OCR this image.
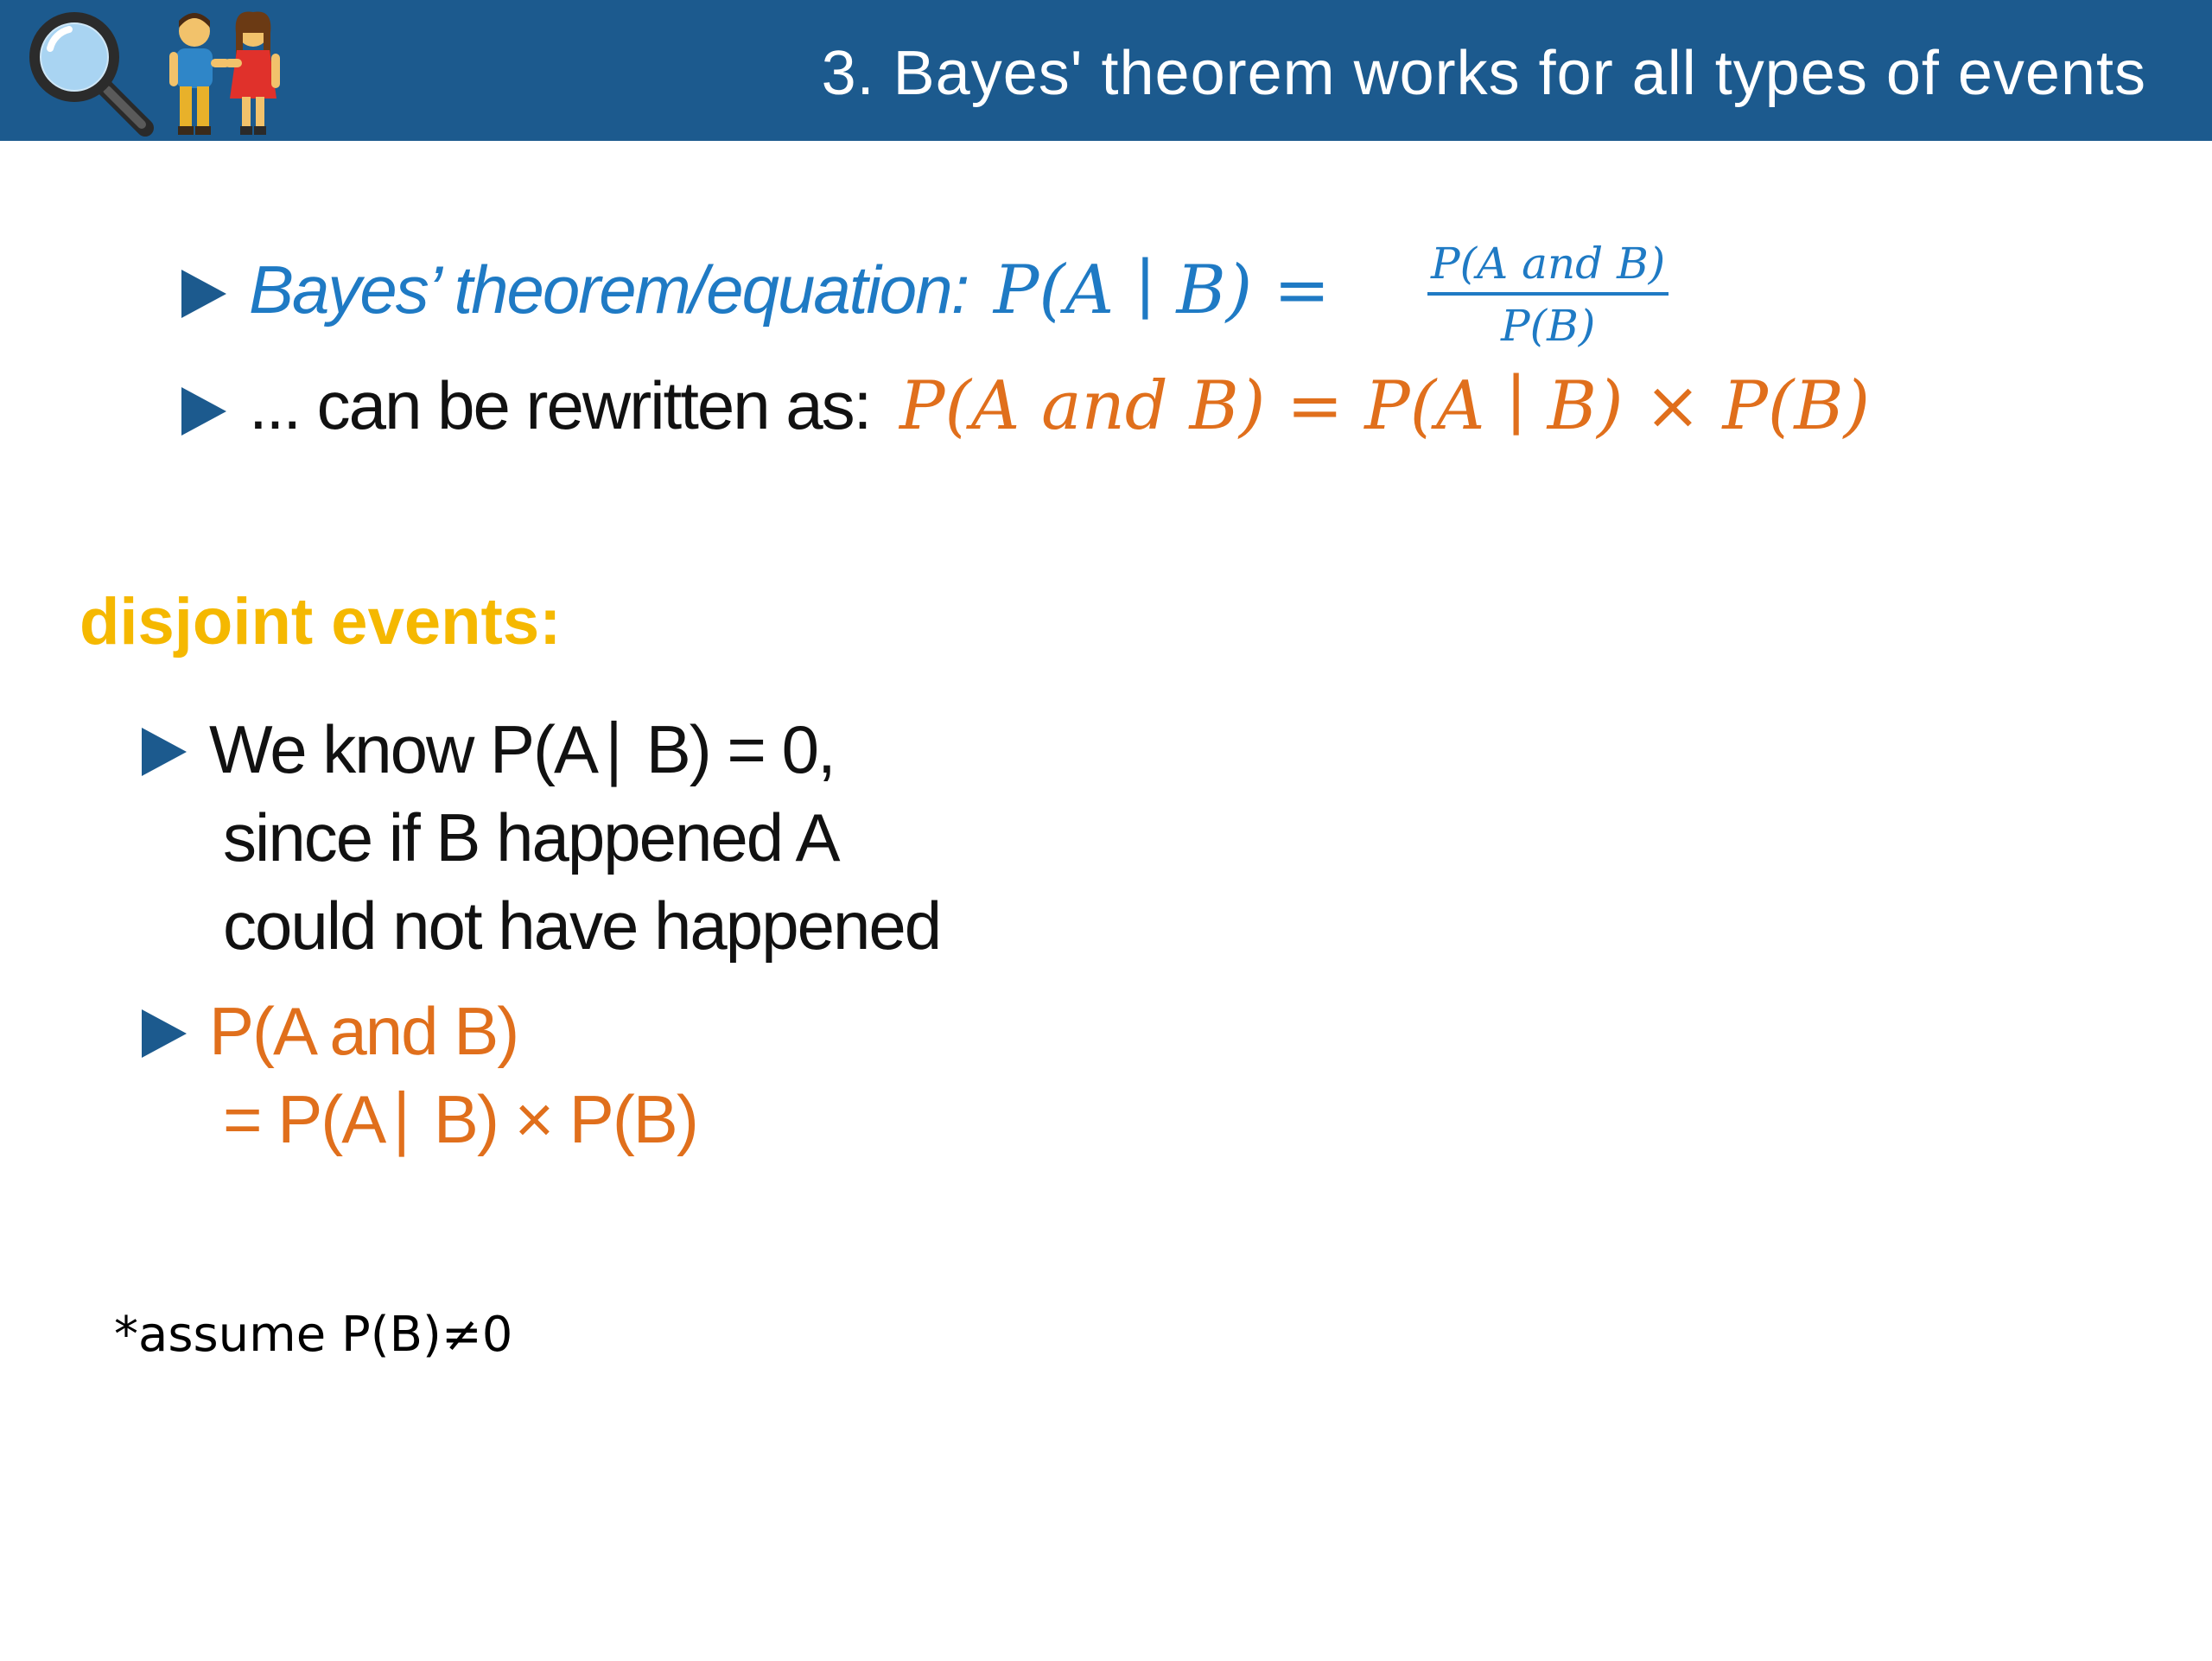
3. Bayes' theorem works for all types of events
Bayes’ theorem/equation: P(A ∣ B) = P(A and B)
P(B)
... can be rewritten as: P(A and B) = P(A ∣ B) × P(B)
disjoint events:
We know P(A∣ B) = 0,
since if B happened A
could not have happened
P(A and B)
= P(A∣ B) × P(B)
*assume P(B)≠0
